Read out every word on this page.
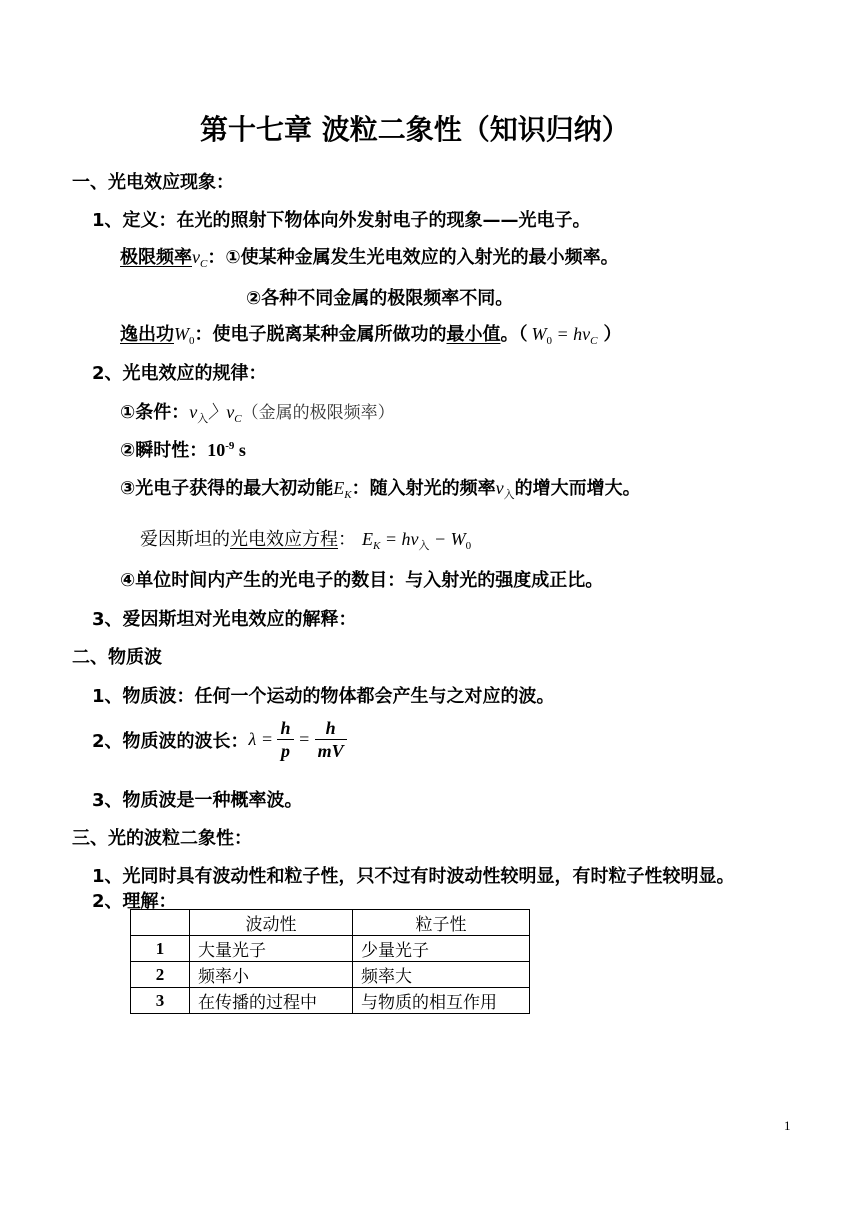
第十七章 波粒二象性（知识归纳）
一、光电效应现象：
1、定义：在光的照射下物体向外发射电子的现象——光电子。
极限频率$\nu_C$：①使某种金属发生光电效应的入射光的最小频率。
②各种不同金属的极限频率不同。
逸出功$W_0$：使电子脱离某种金属所做功的最小值。（ $W_0 = h\nu_C$ ）
2、光电效应的规律：
①条件：$\nu_入$〉$\nu_C$（金属的极限频率）
②瞬时性：$10^{-9}$ s
③光电子获得的最大初动能$E_K$：随入射光的频率$\nu_入$的增大而增大。
爱因斯坦的光电效应方程： $E_K = h\nu_入 - W_0$
④单位时间内产生的光电子的数目：与入射光的强度成正比。
3、爱因斯坦对光电效应的解释：
二、物质波
1、物质波：任何一个运动的物体都会产生与之对应的波。
2、物质波的波长：$\lambda = \frac{h}{p} = \frac{h}{mV}$
3、物质波是一种概率波。
三、光的波粒二象性：
1、光同时具有波动性和粒子性，只不过有时波动性较明显，有时粒子性较明显。
2、理解：
	波动性	粒子性
1	大量光子	少量光子
2	频率小	频率大
3	在传播的过程中	与物质的相互作用
1
